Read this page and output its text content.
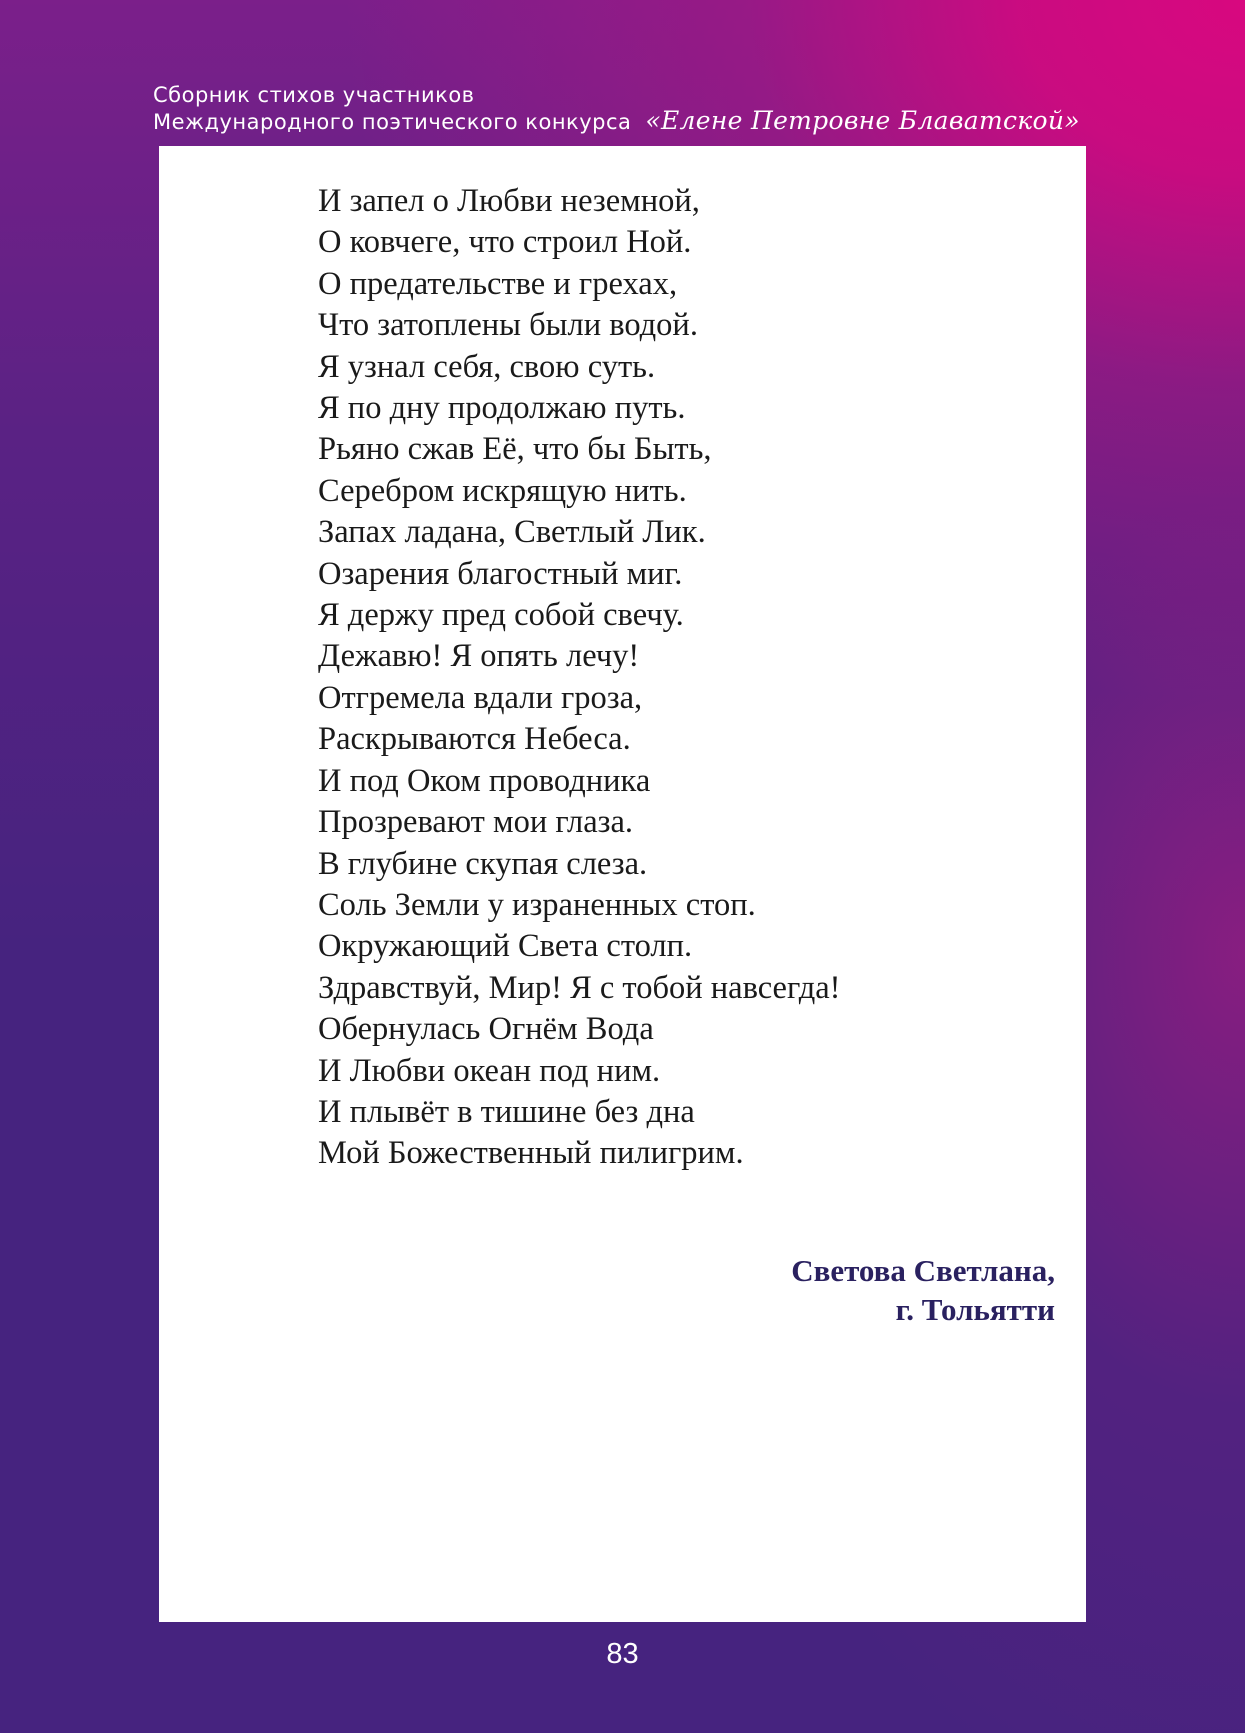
Сборник стихов участников
Международного поэтического конкурса «Елене Петровне Блаватской»
И запел о Любви неземной,
О ковчеге, что строил Ной.
О предательстве и грехах,
Что затоплены были водой.
Я узнал себя, свою суть.
Я по дну продолжаю путь.
Рьяно сжав Её, что бы Быть,
Серебром искрящую нить.
Запах ладана, Светлый Лик.
Озарения благостный миг.
Я держу пред собой свечу.
Дежавю! Я опять лечу!
Отгремела вдали гроза,
Раскрываются Небеса.
И под Оком проводника
Прозревают мои глаза.
В глубине скупая слеза.
Соль Земли у израненных стоп.
Окружающий Света столп.
Здравствуй, Мир! Я с тобой навсегда!
Обернулась Огнём Вода
И Любви океан под ним.
И плывёт в тишине без дна
Мой Божественный пилигрим.
Светова Светлана,
г. Тольятти
83
